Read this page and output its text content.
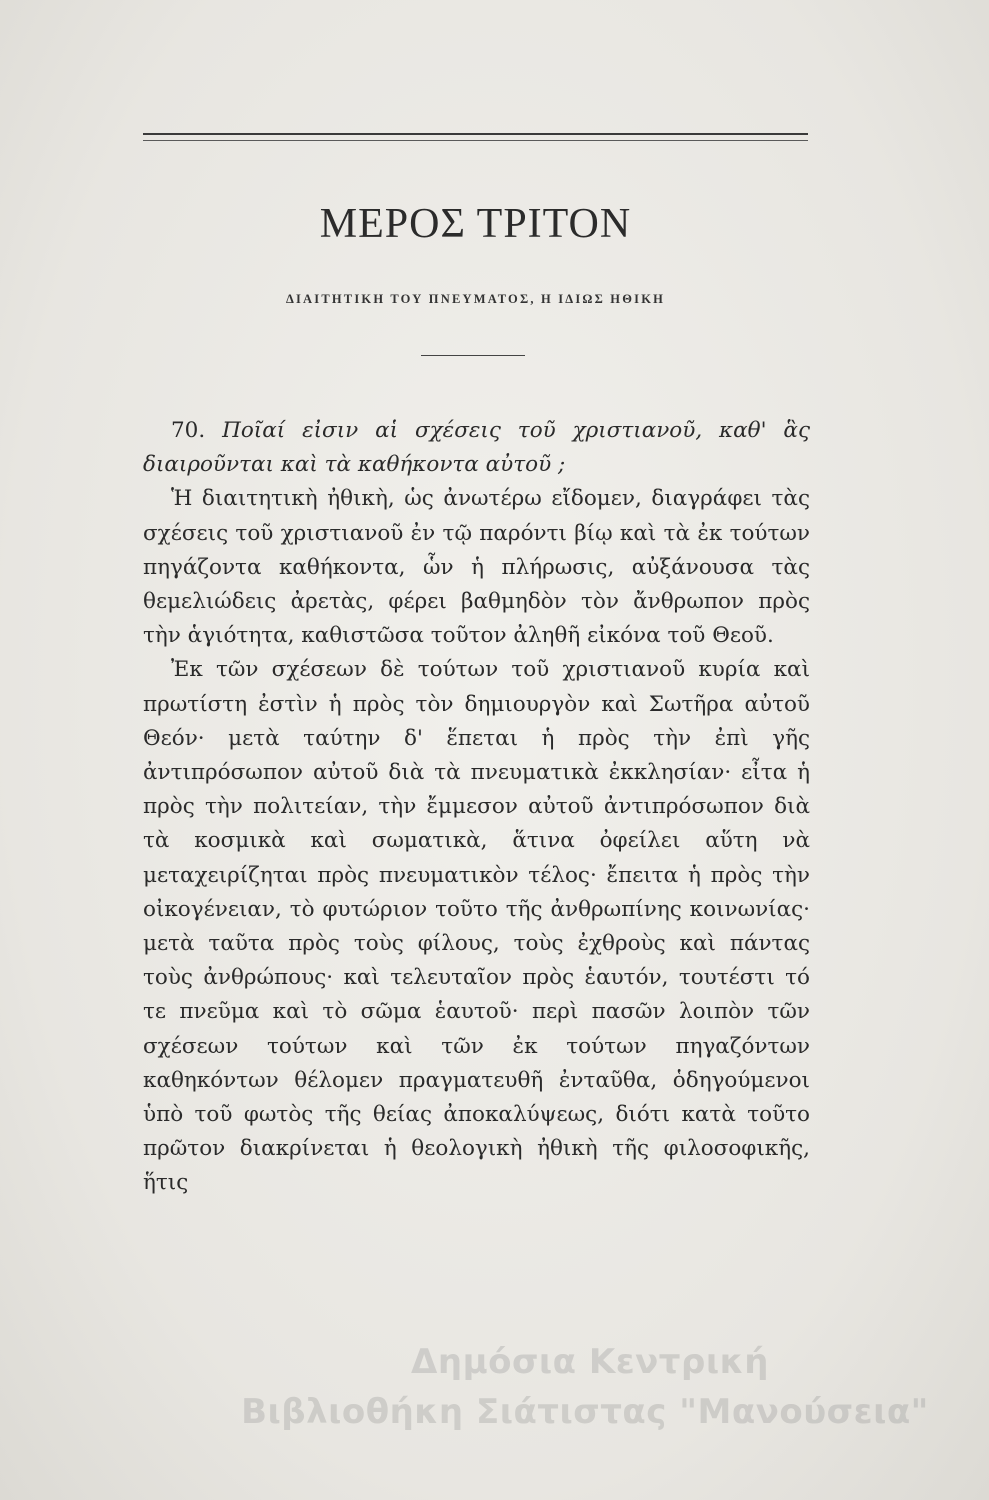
ΜΕΡΟΣ ΤΡΙΤΟΝ
ΔΙΑΙΤΗΤΙΚΗ ΤΟΥ ΠΝΕΥΜΑΤΟΣ, Η ΙΔΙΩΣ ΗΘΙΚΗ

70. Ποῖαί εἰσιν αἱ σχέσεις τοῦ χριστιανοῦ, καθ' ἃς διαιροῦνται καὶ τὰ καθήκοντα αὐτοῦ ;

Ἡ διαιτητικὴ ἠθικὴ, ὡς ἀνωτέρω εἴδομεν, διαγράφει τὰς σχέσεις τοῦ χριστιανοῦ ἐν τῷ παρόντι βίῳ καὶ τὰ ἐκ τούτων πηγάζοντα καθήκοντα, ὧν ἡ πλήρωσις, αὐξάνουσα τὰς θεμελιώδεις ἀρετὰς, φέρει βαθμηδὸν τὸν ἄνθρωπον πρὸς τὴν ἁγιότητα, καθιστῶσα τοῦτον ἀληθῆ εἰκόνα τοῦ Θεοῦ.

Ἐκ τῶν σχέσεων δὲ τούτων τοῦ χριστιανοῦ κυρία καὶ πρωτίστη ἐστὶν ἡ πρὸς τὸν δημιουργὸν καὶ Σωτῆρα αὐτοῦ Θεόν· μετὰ ταύτην δ' ἕπεται ἡ πρὸς τὴν ἐπὶ γῆς ἀντιπρόσωπον αὐτοῦ διὰ τὰ πνευματικὰ ἐκκλησίαν· εἶτα ἡ πρὸς τὴν πολιτείαν, τὴν ἔμμεσον αὐτοῦ ἀντιπρόσωπον διὰ τὰ κοσμικὰ καὶ σωματικὰ, ἅτινα ὀφείλει αὕτη νὰ μεταχειρίζηται πρὸς πνευματικὸν τέλος· ἔπειτα ἡ πρὸς τὴν οἰκογένειαν, τὸ φυτώριον τοῦτο τῆς ἀνθρωπίνης κοινωνίας· μετὰ ταῦτα πρὸς τοὺς φίλους, τοὺς ἐχθροὺς καὶ πάντας τοὺς ἀνθρώπους· καὶ τελευταῖον πρὸς ἑαυτόν, τουτέστι τό τε πνεῦμα καὶ τὸ σῶμα ἑαυτοῦ· περὶ πασῶν λοιπὸν τῶν σχέσεων τούτων καὶ τῶν ἐκ τούτων πηγαζόντων καθηκόντων θέλομεν πραγματευθῆ ἐνταῦθα, ὁδηγούμενοι ὑπὸ τοῦ φωτὸς τῆς θείας ἀποκαλύψεως, διότι κατὰ τοῦτο πρῶτον διακρίνεται ἡ θεολογικὴ ἠθικὴ τῆς φιλοσοφικῆς, ἥτις

Δημόσια Κεντρική
Βιβλιοθήκη Σιάτιστας "Μανούσεια"
